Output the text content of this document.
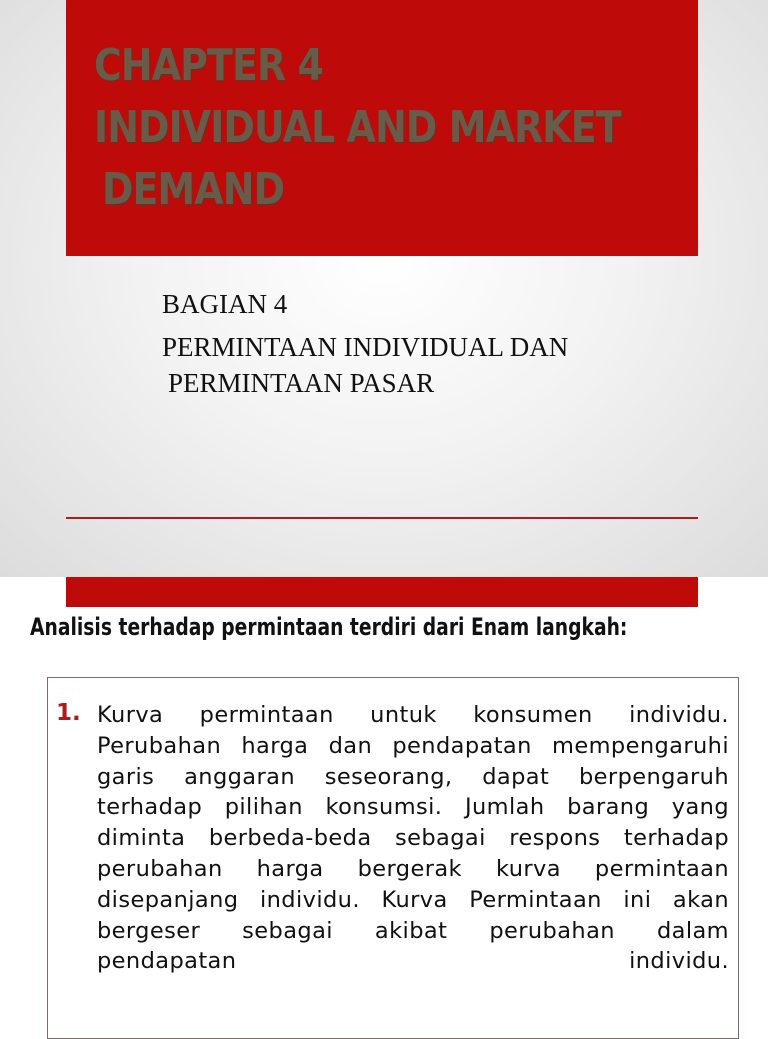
CHAPTER 4
INDIVIDUAL AND MARKET
DEMAND

BAGIAN 4

PERMINTAAN INDIVIDUAL DAN

PERMINTAAN PASAR

Analisis terhadap permintaan terdiri dari Enam langkah:
1. Kurva permintaan untuk konsumen individu. Perubahan harga dan pendapatan mempengaruhi garis anggaran seseorang, dapat berpengaruh terhadap pilihan konsumsi. Jumlah barang yang diminta berbeda-beda sebagai respons terhadap perubahan harga bergerak kurva permintaan disepanjang individu. Kurva Permintaan ini akan bergeser sebagai akibat perubahan dalam pendapatan individu.
